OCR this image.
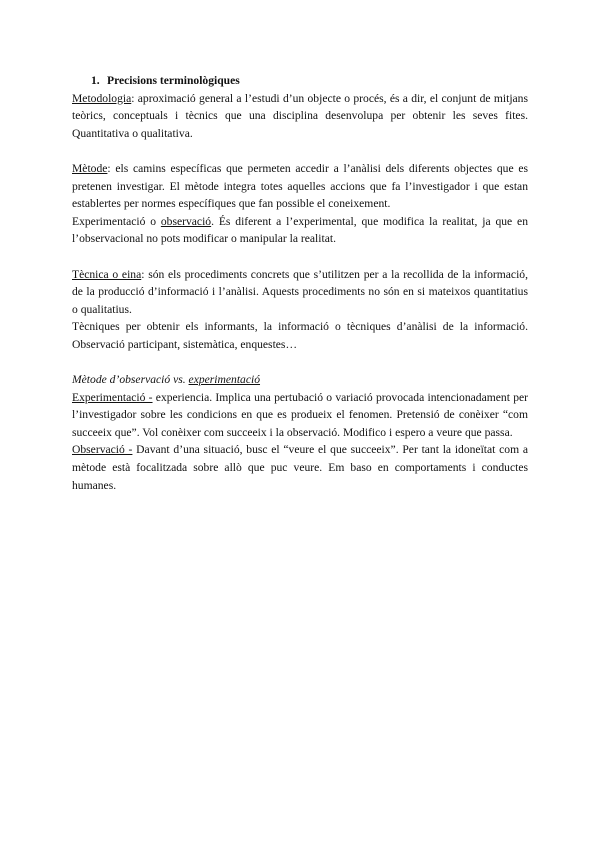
1. Precisions terminològiques

Metodologia: aproximació general a l’estudi d’un objecte o procés, és a dir, el conjunt de mitjans teòrics, conceptuals i tècnics que una disciplina desenvolupa per obtenir les seves fites. Quantitativa o qualitativa.

Mètode: els camins específicas que permeten accedir a l’anàlisi dels diferents objectes que es pretenen investigar. El mètode integra totes aquelles accions que fa l’investigador i que estan establertes per normes específiques que fan possible el coneixement.

Experimentació o observació. És diferent a l’experimental, que modifica la realitat, ja que en l’observacional no pots modificar o manipular la realitat.

Tècnica o eina: són els procediments concrets que s’utilitzen per a la recollida de la informació, de la producció d’informació i l’anàlisi. Aquests procediments no són en si mateixos quantitatius o qualitatius.

Tècniques per obtenir els informants, la informació o tècniques d’anàlisi de la informació. Observació participant, sistemàtica, enquestes…

Mètode d’observació vs. experimentació

Experimentació - experiencia. Implica una pertubació o variació provocada intencionadament per l’investigador sobre les condicions en que es produeix el fenomen. Pretensió de conèixer “com succeeix que”. Vol conèixer com succeeix i la observació. Modifico i espero a veure que passa.

Observació - Davant d’una situació, busc el “veure el que succeeix”. Per tant la idoneïtat com a mètode està focalitzada sobre allò que puc veure. Em baso en comportaments i conductes humanes.
